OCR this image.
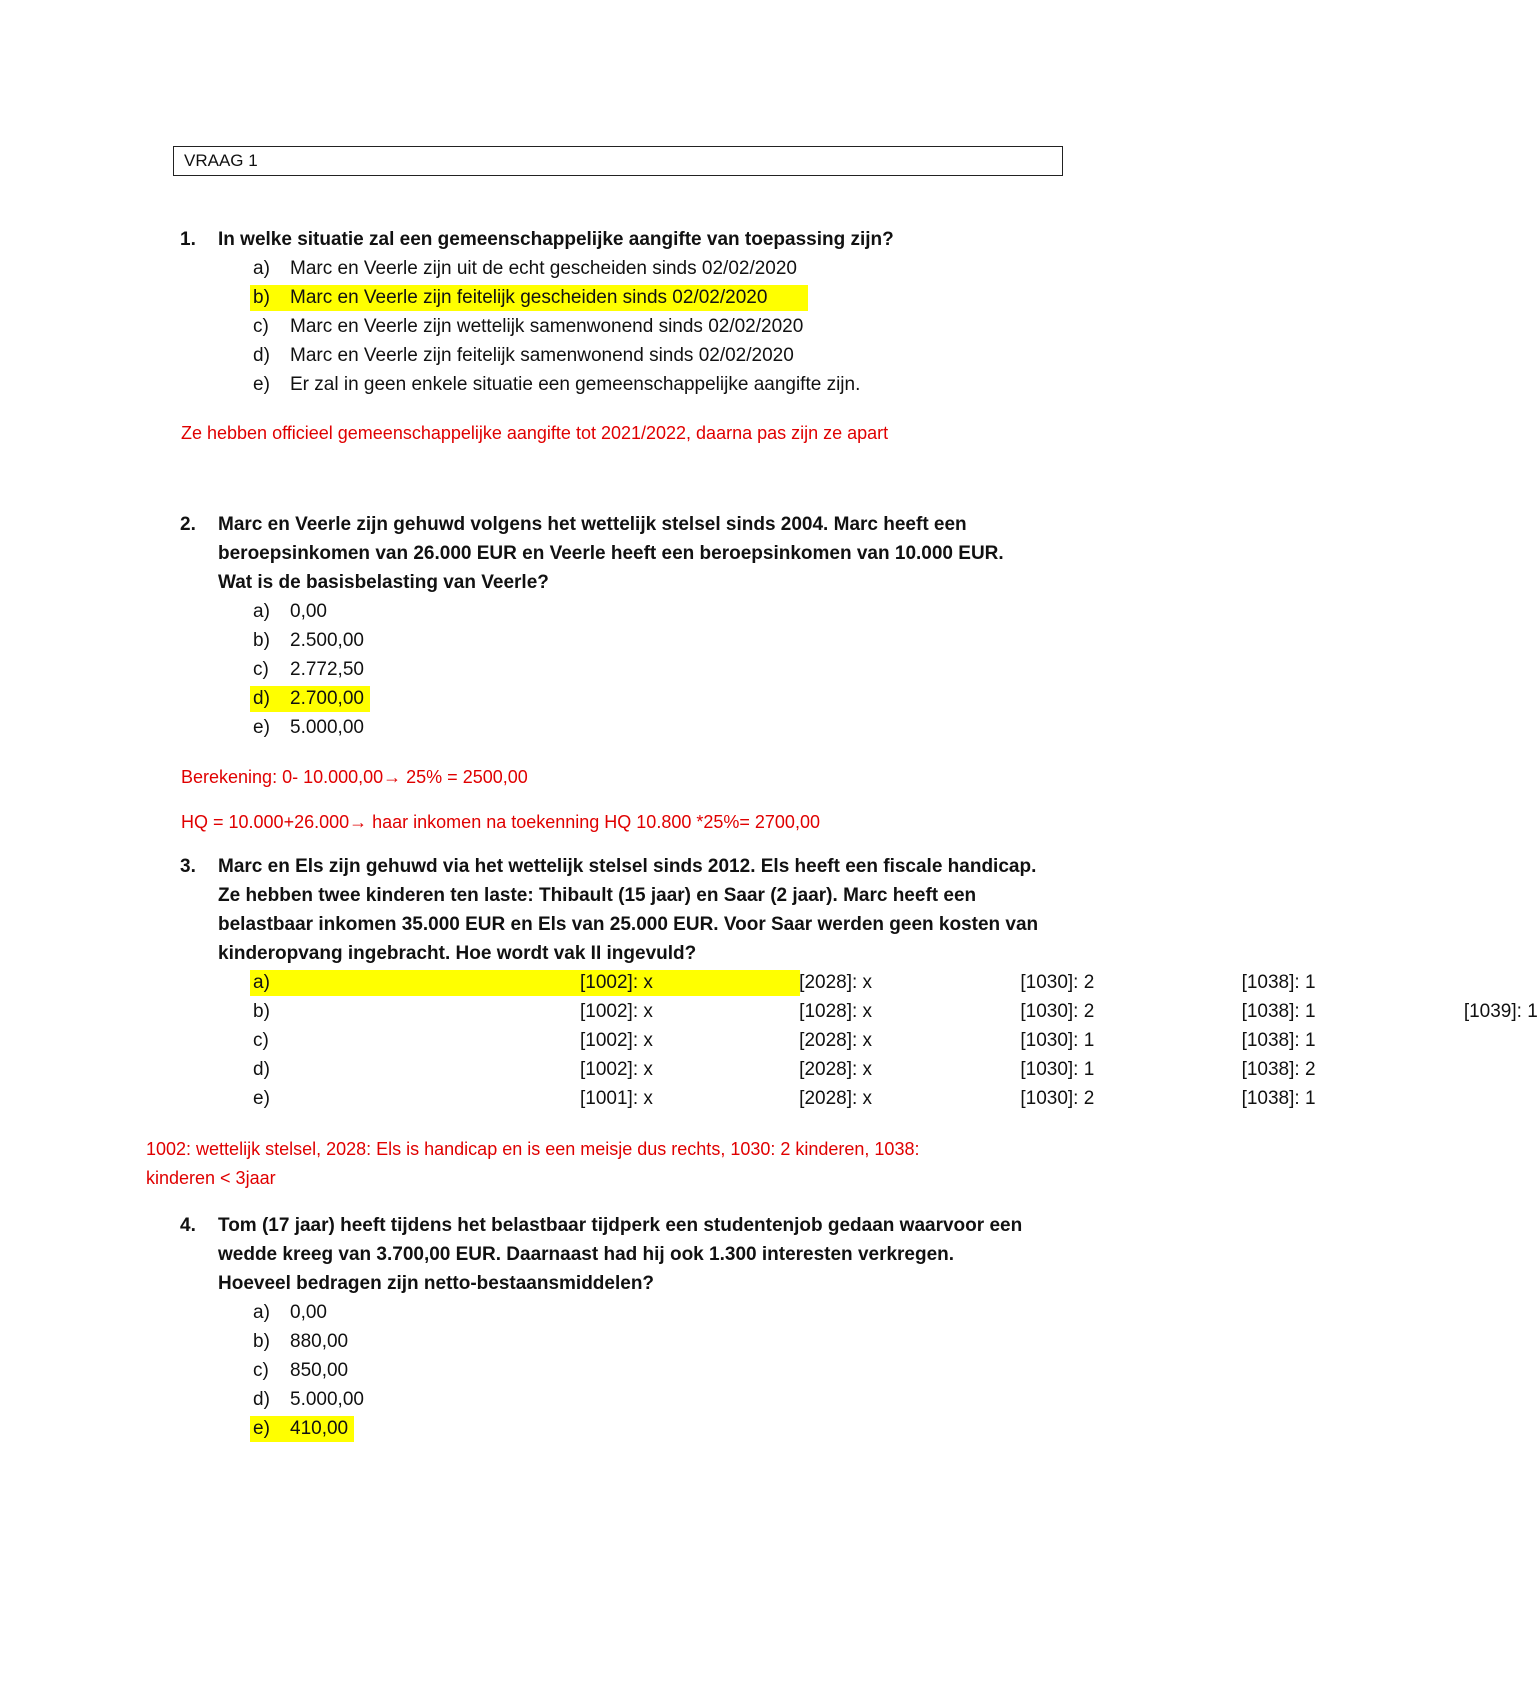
VRAAG 1
1. In welke situatie zal een gemeenschappelijke aangifte van toepassing zijn?
a) Marc en Veerle zijn uit de echt gescheiden sinds 02/02/2020
b) Marc en Veerle zijn feitelijk gescheiden sinds 02/02/2020
c) Marc en Veerle zijn wettelijk samenwonend sinds 02/02/2020
d) Marc en Veerle zijn feitelijk samenwonend sinds 02/02/2020
e) Er zal in geen enkele situatie een gemeenschappelijke aangifte zijn.
Ze hebben officieel gemeenschappelijke aangifte tot 2021/2022, daarna pas zijn ze apart
2. Marc en Veerle zijn gehuwd volgens het wettelijk stelsel sinds 2004. Marc heeft een
beroepsinkomen van 26.000 EUR en Veerle heeft een beroepsinkomen van 10.000 EUR.
Wat is de basisbelasting van Veerle?
a) 0,00
b) 2.500,00
c) 2.772,50
d) 2.700,00
e) 5.000,00
Berekening: 0- 10.000,00→ 25% = 2500,00
HQ = 10.000+26.000→ haar inkomen na toekenning HQ 10.800 *25%= 2700,00
3. Marc en Els zijn gehuwd via het wettelijk stelsel sinds 2012. Els heeft een fiscale handicap.
Ze hebben twee kinderen ten laste: Thibault (15 jaar) en Saar (2 jaar). Marc heeft een
belastbaar inkomen 35.000 EUR en Els van 25.000 EUR. Voor Saar werden geen kosten van
kinderopvang ingebracht. Hoe wordt vak II ingevuld?
a)	[1002]: x	[2028]: x	[1030]: 2	[1038]: 1
b)	[1002]: x	[1028]: x	[1030]: 2	[1038]: 1	[1039]: 1
c)	[1002]: x	[2028]: x	[1030]: 1	[1038]: 1
d)	[1002]: x	[2028]: x	[1030]: 1	[1038]: 2
e)	[1001]: x	[2028]: x	[1030]: 2	[1038]: 1
1002: wettelijk stelsel, 2028: Els is handicap en is een meisje dus rechts, 1030: 2 kinderen, 1038:
kinderen < 3jaar
4. Tom (17 jaar) heeft tijdens het belastbaar tijdperk een studentenjob gedaan waarvoor een
wedde kreeg van 3.700,00 EUR. Daarnaast had hij ook 1.300 interesten verkregen.
Hoeveel bedragen zijn netto-bestaansmiddelen?
a) 0,00
b) 880,00
c) 850,00
d) 5.000,00
e) 410,00
